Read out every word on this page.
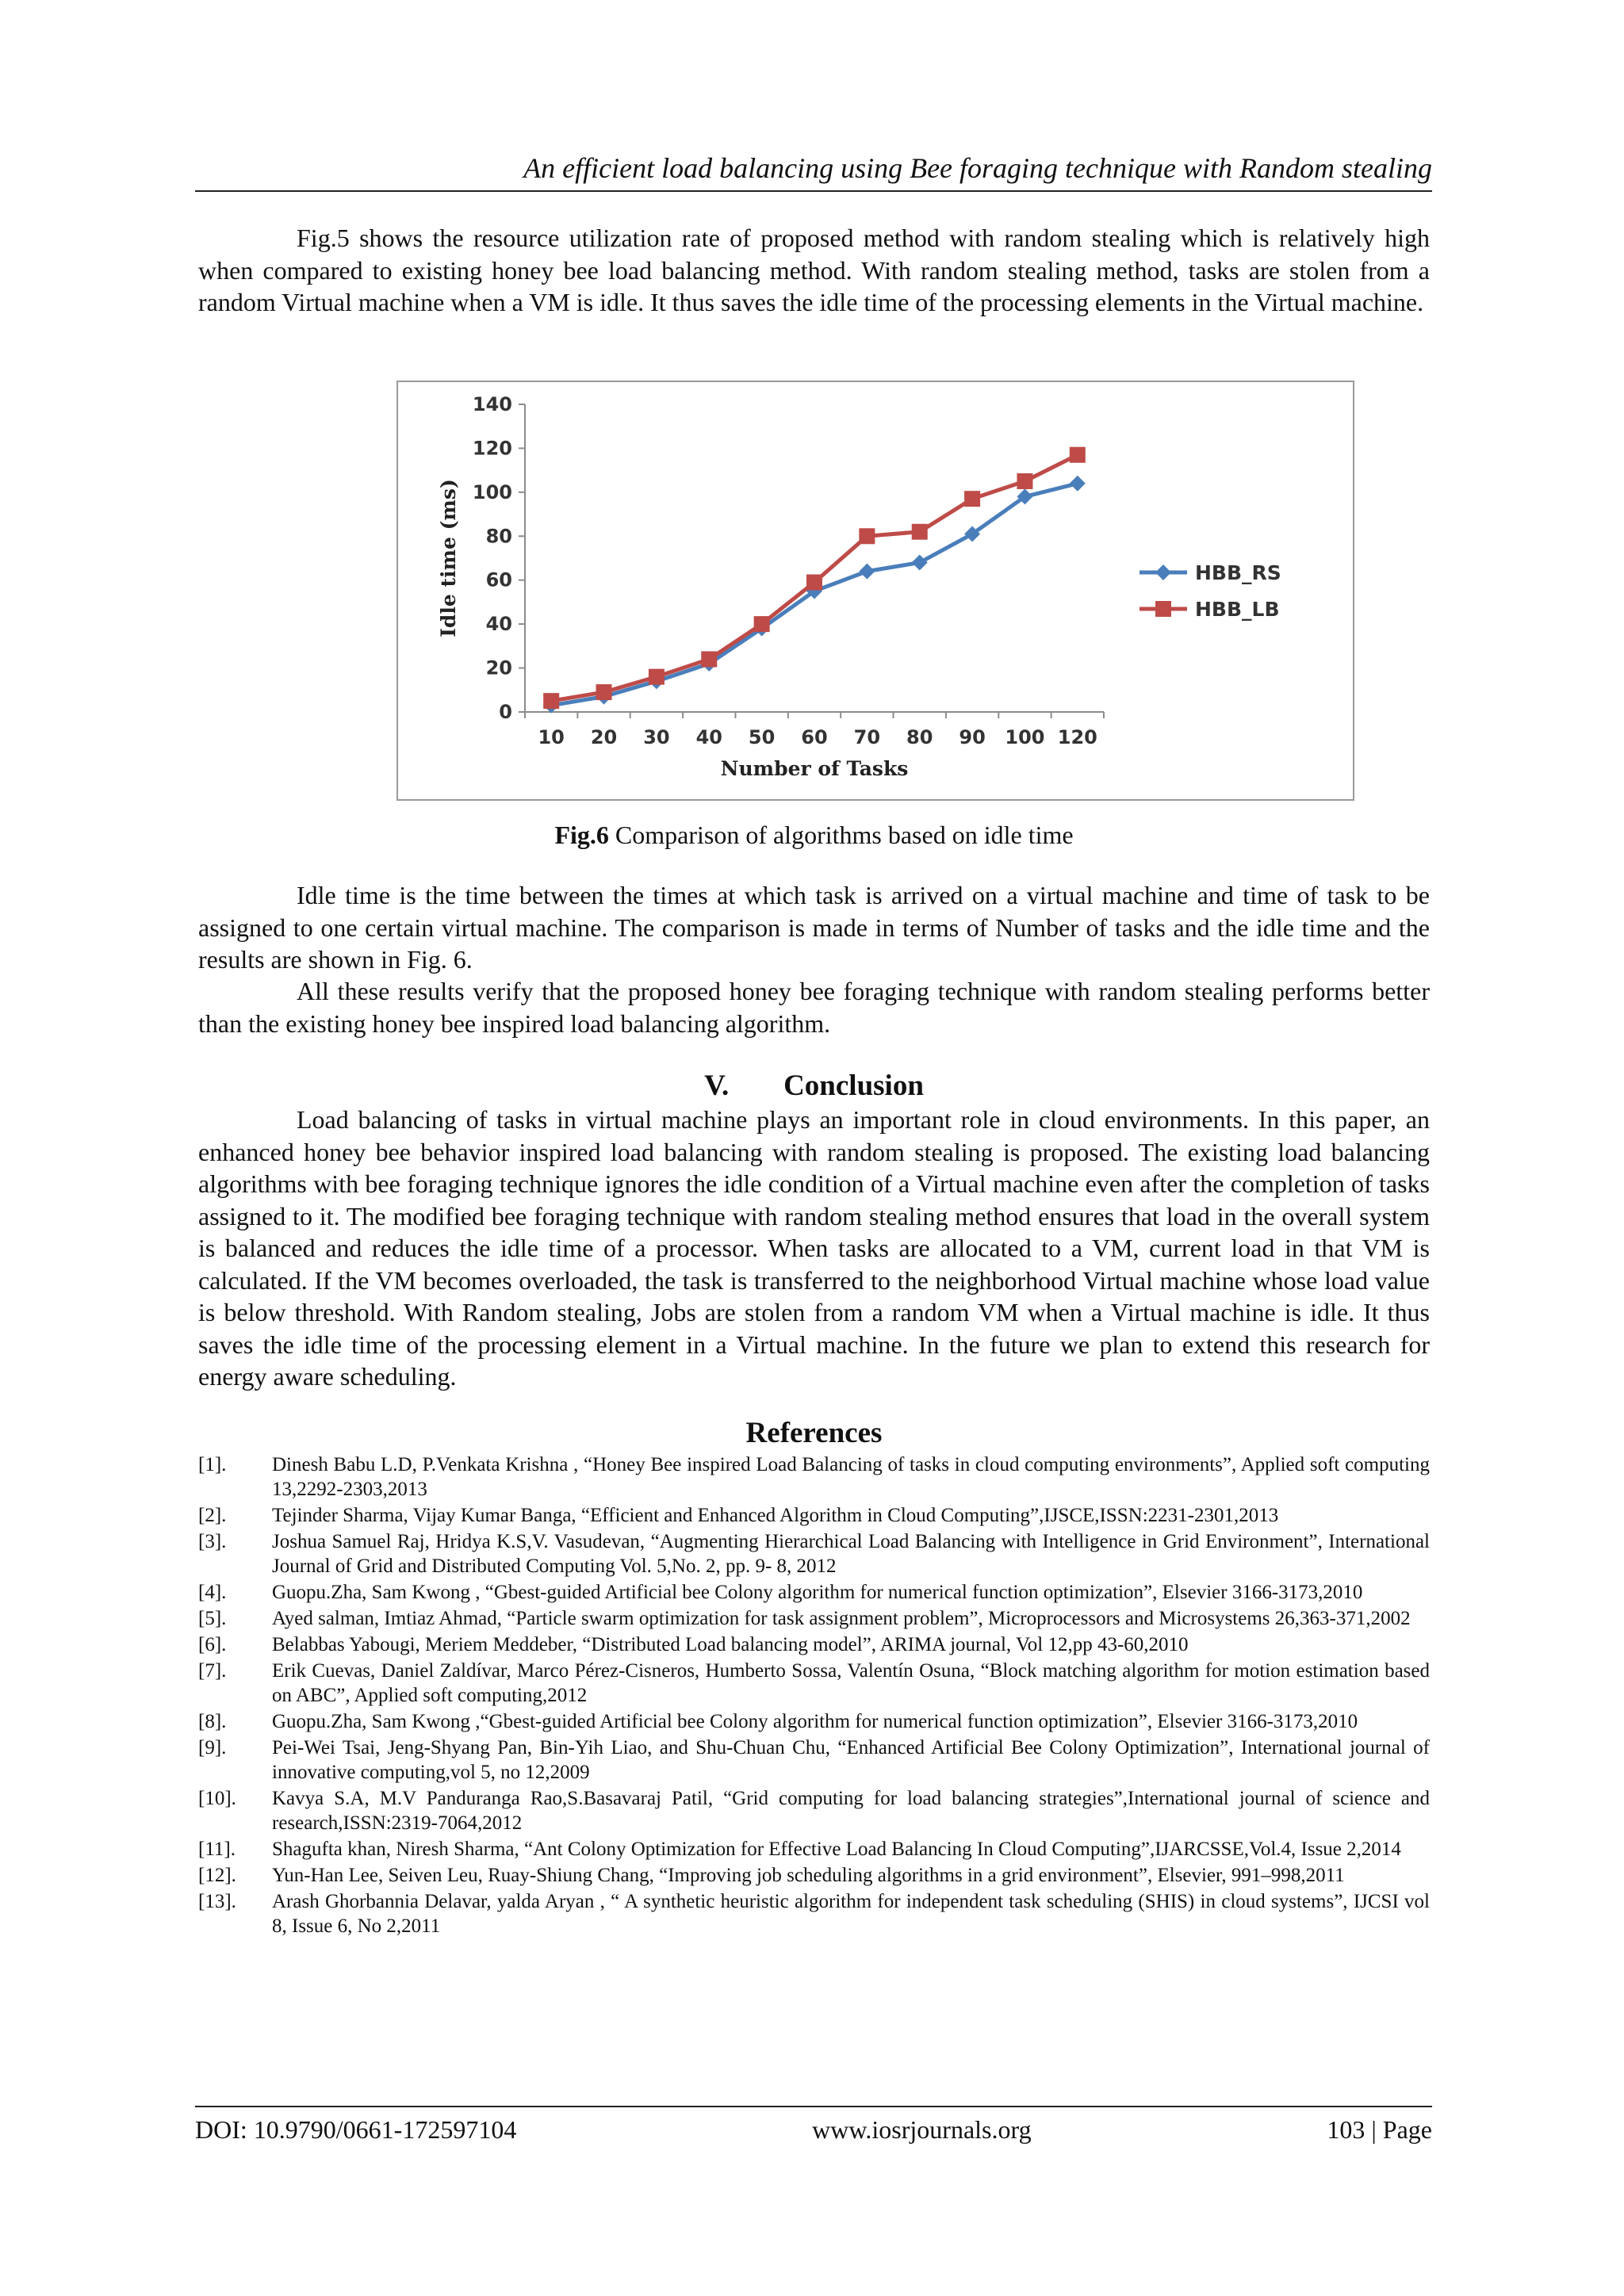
An efficient load balancing using Bee foraging technique with Random stealing

Fig.5 shows the resource utilization rate of proposed method with random stealing which is relatively high when compared to existing honey bee load balancing method. With random stealing method, tasks are stolen from a random Virtual machine when a VM is idle. It thus saves the idle time of the processing elements in the Virtual machine.

0
20
40
60
80
100
120
140
10 20 30 40 50 60 70 80 90 100 120
Number of Tasks
Idle time (ms)	HBB_RS
HBB_LB
Fig.6 Comparison of algorithms based on idle time

Idle time is the time between the times at which task is arrived on a virtual machine and time of task to be assigned to one certain virtual machine. The comparison is made in terms of Number of tasks and the idle time and the results are shown in Fig. 6.

All these results verify that the proposed honey bee foraging technique with random stealing performs better than the existing honey bee inspired load balancing algorithm.

V. Conclusion

Load balancing of tasks in virtual machine plays an important role in cloud environments. In this paper, an enhanced honey bee behavior inspired load balancing with random stealing is proposed. The existing load balancing algorithms with bee foraging technique ignores the idle condition of a Virtual machine even after the completion of tasks assigned to it. The modified bee foraging technique with random stealing method ensures that load in the overall system is balanced and reduces the idle time of a processor. When tasks are allocated to a VM, current load in that VM is calculated. If the VM becomes overloaded, the task is transferred to the neighborhood Virtual machine whose load value is below threshold. With Random stealing, Jobs are stolen from a random VM when a Virtual machine is idle. It thus saves the idle time of the processing element in a Virtual machine. In the future we plan to extend this research for energy aware scheduling.

References
[1].	Dinesh Babu L.D, P.Venkata Krishna , “Honey Bee inspired Load Balancing of tasks in cloud computing environments”, Applied soft computing 13,2292-2303,2013
[2].	Tejinder Sharma, Vijay Kumar Banga, “Efficient and Enhanced Algorithm in Cloud Computing”,IJSCE,ISSN:2231-2301,2013
[3].	Joshua Samuel Raj, Hridya K.S,V. Vasudevan, “Augmenting Hierarchical Load Balancing with Intelligence in Grid Environment”, International Journal of Grid and Distributed Computing Vol. 5,No. 2, pp. 9- 8, 2012
[4].	Guopu.Zha, Sam Kwong , “Gbest-guided Artificial bee Colony algorithm for numerical function optimization”, Elsevier 3166-3173,2010
[5].	Ayed salman, Imtiaz Ahmad, “Particle swarm optimization for task assignment problem”, Microprocessors and Microsystems 26,363-371,2002
[6].	Belabbas Yabougi, Meriem Meddeber, “Distributed Load balancing model”, ARIMA journal, Vol 12,pp 43-60,2010
[7].	Erik Cuevas, Daniel Zaldívar, Marco Pérez-Cisneros, Humberto Sossa, Valentín Osuna, “Block matching algorithm for motion estimation based on ABC”, Applied soft computing,2012
[8].	Guopu.Zha, Sam Kwong ,“Gbest-guided Artificial bee Colony algorithm for numerical function optimization”, Elsevier 3166-3173,2010
[9].	Pei-Wei Tsai, Jeng-Shyang Pan, Bin-Yih Liao, and Shu-Chuan Chu, “Enhanced Artificial Bee Colony Optimization”, International journal of innovative computing,vol 5, no 12,2009
[10].	Kavya S.A, M.V Panduranga Rao,S.Basavaraj Patil, “Grid computing for load balancing strategies”,International journal of science and research,ISSN:2319-7064,2012
[11].	Shagufta khan, Niresh Sharma, “Ant Colony Optimization for Effective Load Balancing In Cloud Computing”,IJARCSSE,Vol.4, Issue 2,2014
[12].	Yun-Han Lee, Seiven Leu, Ruay-Shiung Chang, “Improving job scheduling algorithms in a grid environment”, Elsevier, 991–998,2011
[13].	Arash Ghorbannia Delavar, yalda Aryan , “ A synthetic heuristic algorithm for independent task scheduling (SHIS) in cloud systems”, IJCSI vol 8, Issue 6, No 2,2011
DOI: 10.9790/0661-172597104	www.iosrjournals.org	103 | Page
